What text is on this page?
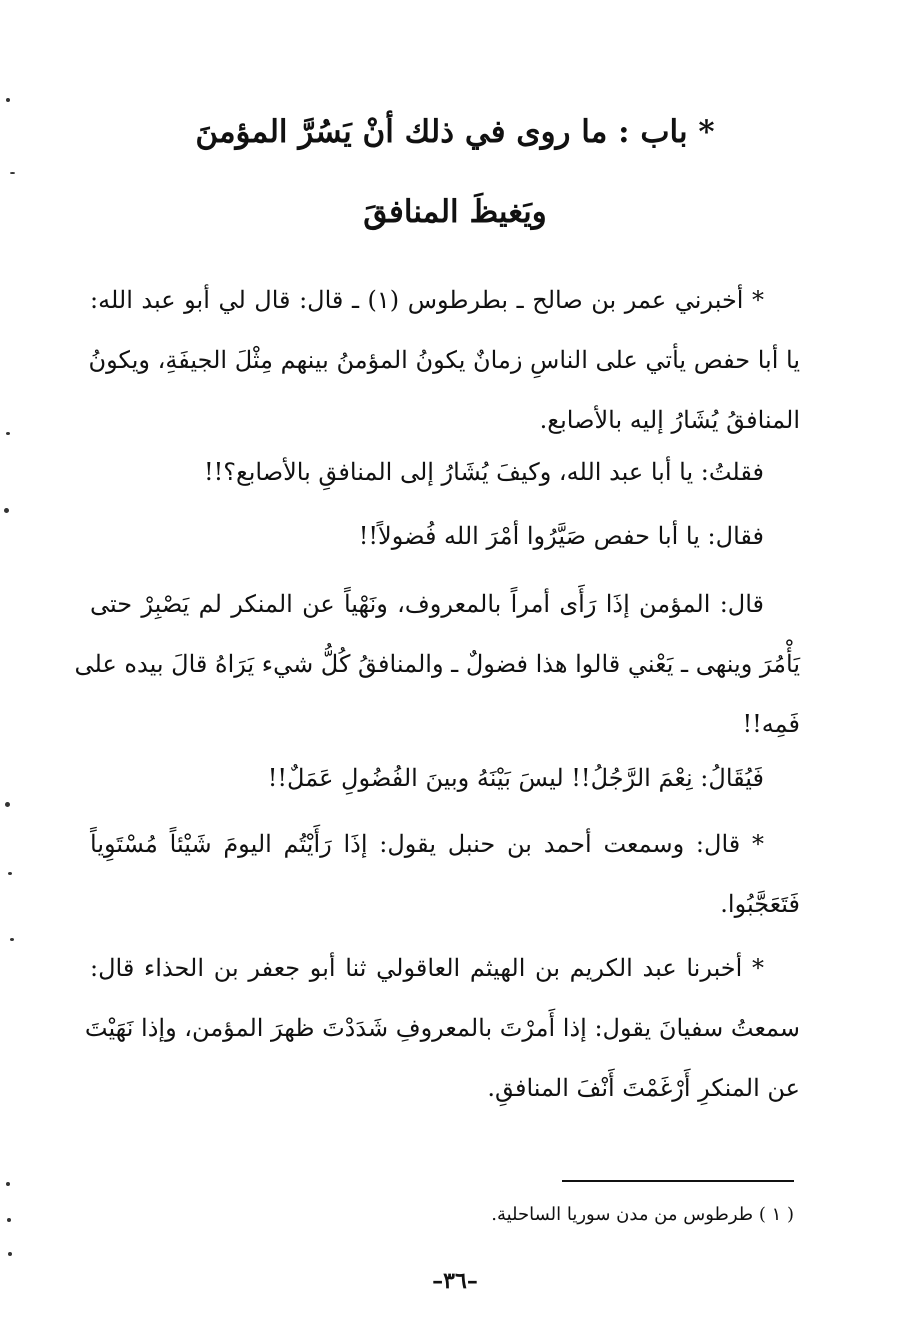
* باب : ما روى في ذلك أنْ يَسُرَّ المؤمنَ
ويَغيظَ المنافقَ
* أخبرني عمر بن صالح ـ بطرطوس (١) ـ قال: قال لي أبو عبد الله:
يا أبا حفص يأتي على الناسِ زمانٌ يكونُ المؤمنُ بينهم مِثْلَ الجيفَةِ، ويكونُ
المنافقُ يُشَارُ إليه بالأصابع.
فقلتُ: يا أبا عبد الله، وكيفَ يُشَارُ إلى المنافقِ بالأصابع؟!!
فقال: يا أبا حفص صَيَّرُوا أمْرَ الله فُضولاً!!
قال: المؤمن إذَا رَأَى أمراً بالمعروف، ونَهْياً عن المنكر لم يَصْبِرْ حتى
يَأْمُرَ وينهى ـ يَعْني قالوا هذا فضولٌ ـ والمنافقُ كُلُّ شيء يَرَاهُ قالَ بيده على
فَمِه!!
فَيُقَالُ: نِعْمَ الرَّجُلُ!! ليسَ بَيْنَهُ وبينَ الفُضُولِ عَمَلٌ!!
* قال: وسمعت أحمد بن حنبل يقول: إذَا رَأَيْتُم اليومَ شَيْئاً مُسْتَوِياً
فَتَعَجَّبُوا.
* أخبرنا عبد الكريم بن الهيثم العاقولي ثنا أبو جعفر بن الحذاء قال:
سمعتُ سفيانَ يقول: إذا أَمرْتَ بالمعروفِ شَدَدْتَ ظهرَ المؤمن، وإذا نَهَيْتَ
عن المنكرِ أَرْغَمْتَ أَنْفَ المنافقِ.
( ١ ) طرطوس من مدن سوريا الساحلية.
–٣٦–
